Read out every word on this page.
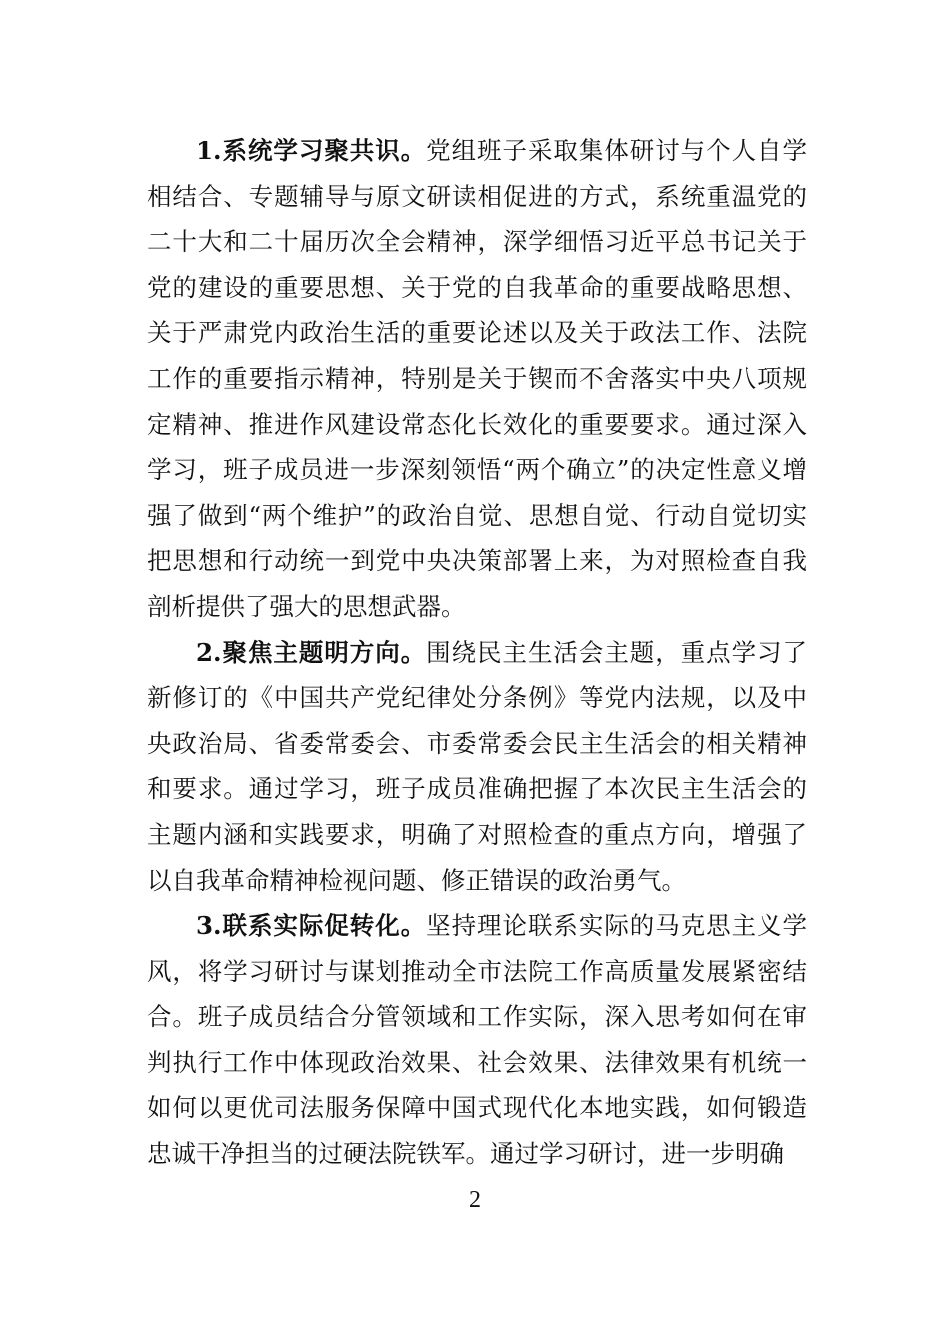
1.系统学习聚共识。党组班子采取集体研讨与个人自学相结合、专题辅导与原文研读相促进的方式，系统重温党的二十大和二十届历次全会精神，深学细悟习近平总书记关于党的建设的重要思想、关于党的自我革命的重要战略思想、关于严肃党内政治生活的重要论述以及关于政法工作、法院工作的重要指示精神，特别是关于锲而不舍落实中央八项规定精神、推进作风建设常态化长效化的重要要求。通过深入学习，班子成员进一步深刻领悟“两个确立”的决定性意义增强了做到“两个维护”的政治自觉、思想自觉、行动自觉切实把思想和行动统一到党中央决策部署上来，为对照检查自我剖析提供了强大的思想武器。

2.聚焦主题明方向。围绕民主生活会主题，重点学习了新修订的《中国共产党纪律处分条例》等党内法规，以及中央政治局、省委常委会、市委常委会民主生活会的相关精神和要求。通过学习，班子成员准确把握了本次民主生活会的主题内涵和实践要求，明确了对照检查的重点方向，增强了以自我革命精神检视问题、修正错误的政治勇气。

3.联系实际促转化。坚持理论联系实际的马克思主义学风，将学习研讨与谋划推动全市法院工作高质量发展紧密结合。班子成员结合分管领域和工作实际，深入思考如何在审判执行工作中体现政治效果、社会效果、法律效果有机统一如何以更优司法服务保障中国式现代化本地实践，如何锻造忠诚干净担当的过硬法院铁军。通过学习研讨，进一步明确

2
